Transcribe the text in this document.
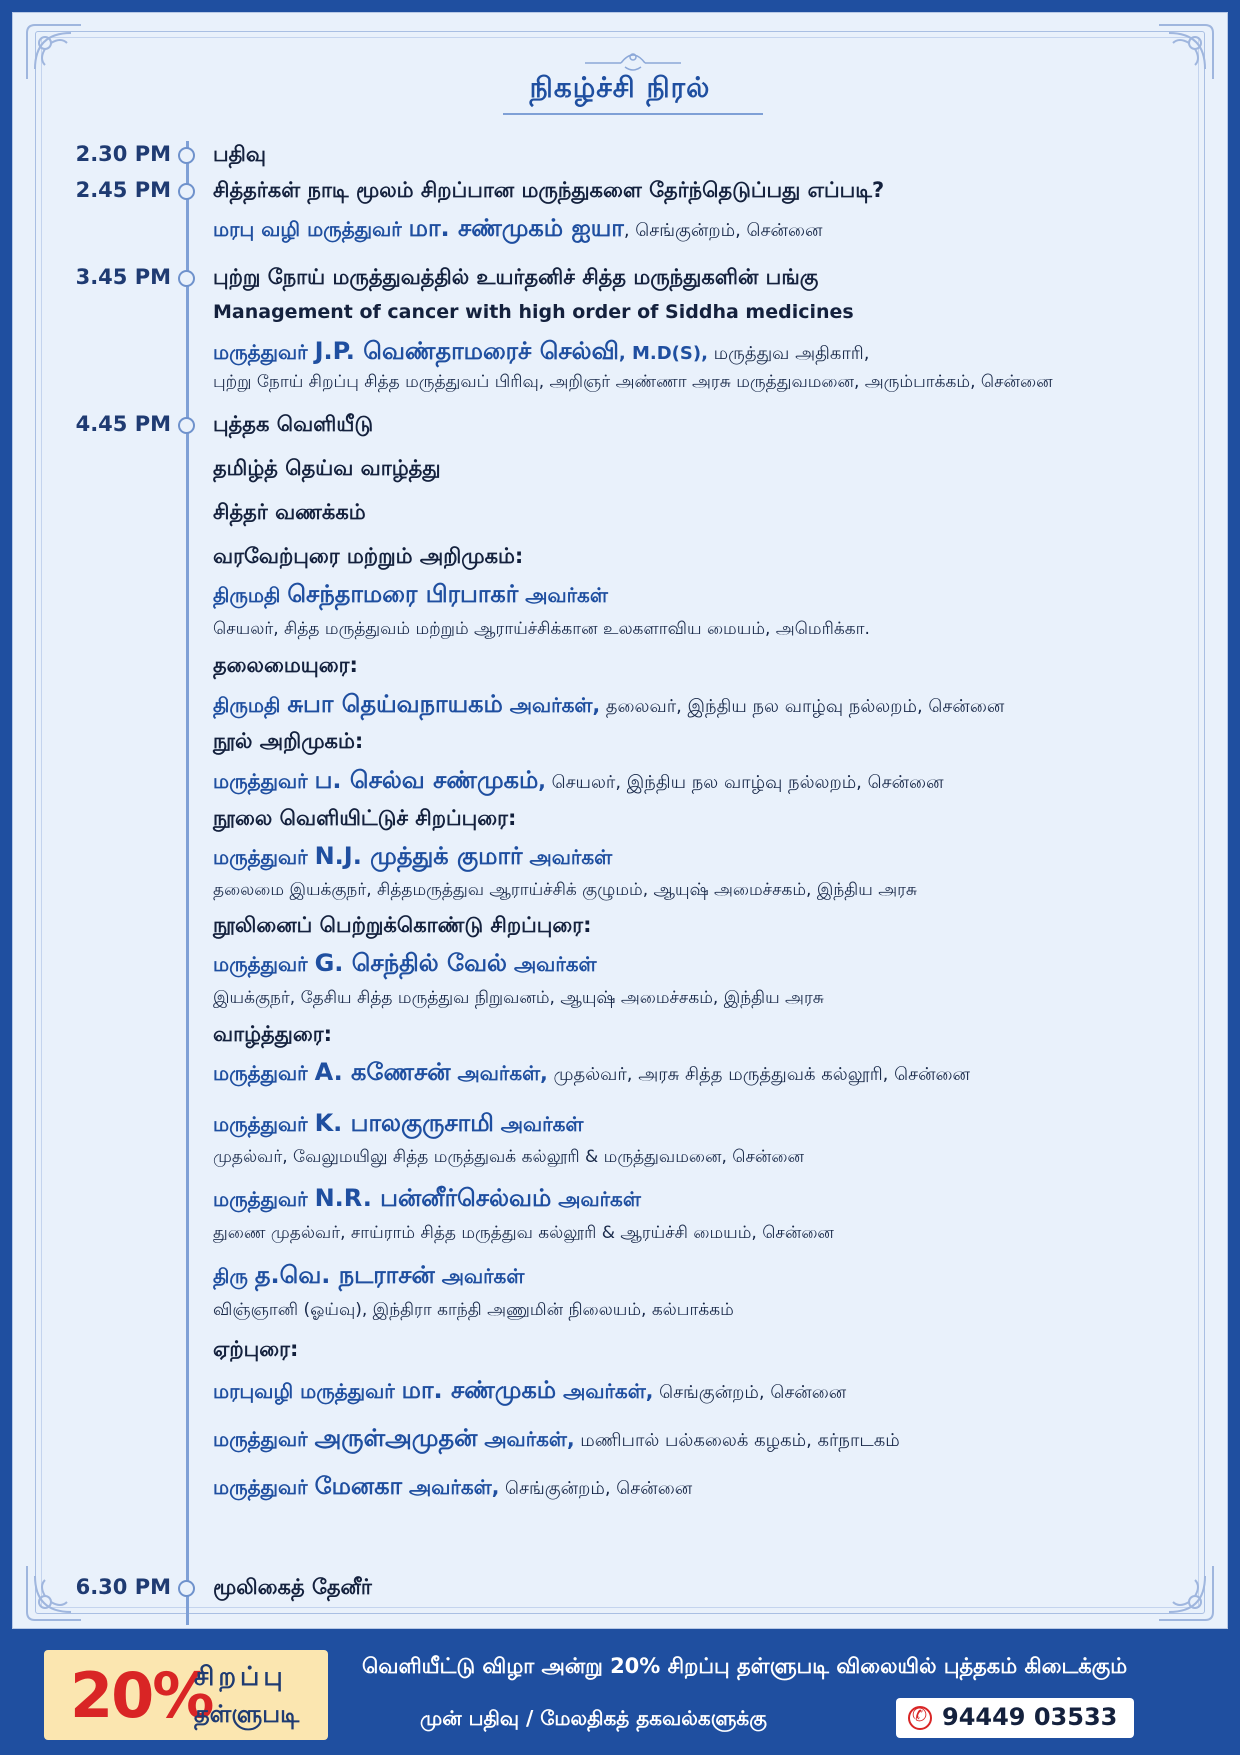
நிகழ்ச்சி நிரல்
2.30 PM பதிவு
2.45 PM சித்தர்கள் நாடி மூலம் சிறப்பான மருந்துகளை தேர்ந்தெடுப்பது எப்படி?
மரபு வழி மருத்துவர் மா. சண்முகம் ஐயா, செங்குன்றம், சென்னை
3.45 PM புற்று நோய் மருத்துவத்தில் உயர்தனிச் சித்த மருந்துகளின் பங்கு
Management of cancer with high order of Siddha medicines
மருத்துவர் J.P. வெண்தாமரைச் செல்வி, M.D(S), மருத்துவ அதிகாரி,
புற்று நோய் சிறப்பு சித்த மருத்துவப் பிரிவு, அறிஞர் அண்ணா அரசு மருத்துவமனை, அரும்பாக்கம், சென்னை
4.45 PM புத்தக வெளியீடு
தமிழ்த் தெய்வ வாழ்த்து
சித்தர் வணக்கம்
வரவேற்புரை மற்றும் அறிமுகம்:
திருமதி செந்தாமரை பிரபாகர் அவர்கள்
செயலர், சித்த மருத்துவம் மற்றும் ஆராய்ச்சிக்கான உலகளாவிய மையம், அமெரிக்கா.
தலைமையுரை:
திருமதி சுபா தெய்வநாயகம் அவர்கள், தலைவர், இந்திய நல வாழ்வு நல்லறம், சென்னை
நூல் அறிமுகம்:
மருத்துவர் ப. செல்வ சண்முகம், செயலர், இந்திய நல வாழ்வு நல்லறம், சென்னை
நூலை வெளியிட்டுச் சிறப்புரை:
மருத்துவர் N.J. முத்துக் குமார் அவர்கள்
தலைமை இயக்குநர், சித்தமருத்துவ ஆராய்ச்சிக் குழுமம், ஆயுஷ் அமைச்சகம், இந்திய அரசு
நூலினைப் பெற்றுக்கொண்டு சிறப்புரை:
மருத்துவர் G. செந்தில் வேல் அவர்கள்
இயக்குநர், தேசிய சித்த மருத்துவ நிறுவனம், ஆயுஷ் அமைச்சகம், இந்திய அரசு
வாழ்த்துரை:
மருத்துவர் A. கணேசன் அவர்கள், முதல்வர், அரசு சித்த மருத்துவக் கல்லூரி, சென்னை
மருத்துவர் K. பாலகுருசாமி அவர்கள்
முதல்வர், வேலுமயிலு சித்த மருத்துவக் கல்லூரி & மருத்துவமனை, சென்னை
மருத்துவர் N.R. பன்னீர்செல்வம் அவர்கள்
துணை முதல்வர், சாய்ராம் சித்த மருத்துவ கல்லூரி & ஆரய்ச்சி மையம், சென்னை
திரு த.வெ. நடராசன் அவர்கள்
விஞ்ஞானி (ஓய்வு), இந்திரா காந்தி அணுமின் நிலையம், கல்பாக்கம்
ஏற்புரை:
மரபுவழி மருத்துவர் மா. சண்முகம் அவர்கள், செங்குன்றம், சென்னை
மருத்துவர் அருள்அமுதன் அவர்கள், மணிபால் பல்கலைக் கழகம், கர்நாடகம்
மருத்துவர் மேனகா அவர்கள், செங்குன்றம், சென்னை
6.30 PM மூலிகைத் தேனீர்
20%
சிறப்பு
தள்ளுபடி
வெளியீட்டு விழா அன்று 20% சிறப்பு தள்ளுபடி விலையில் புத்தகம் கிடைக்கும்
முன் பதிவு / மேலதிகத் தகவல்களுக்கு
✆	94449 03533
